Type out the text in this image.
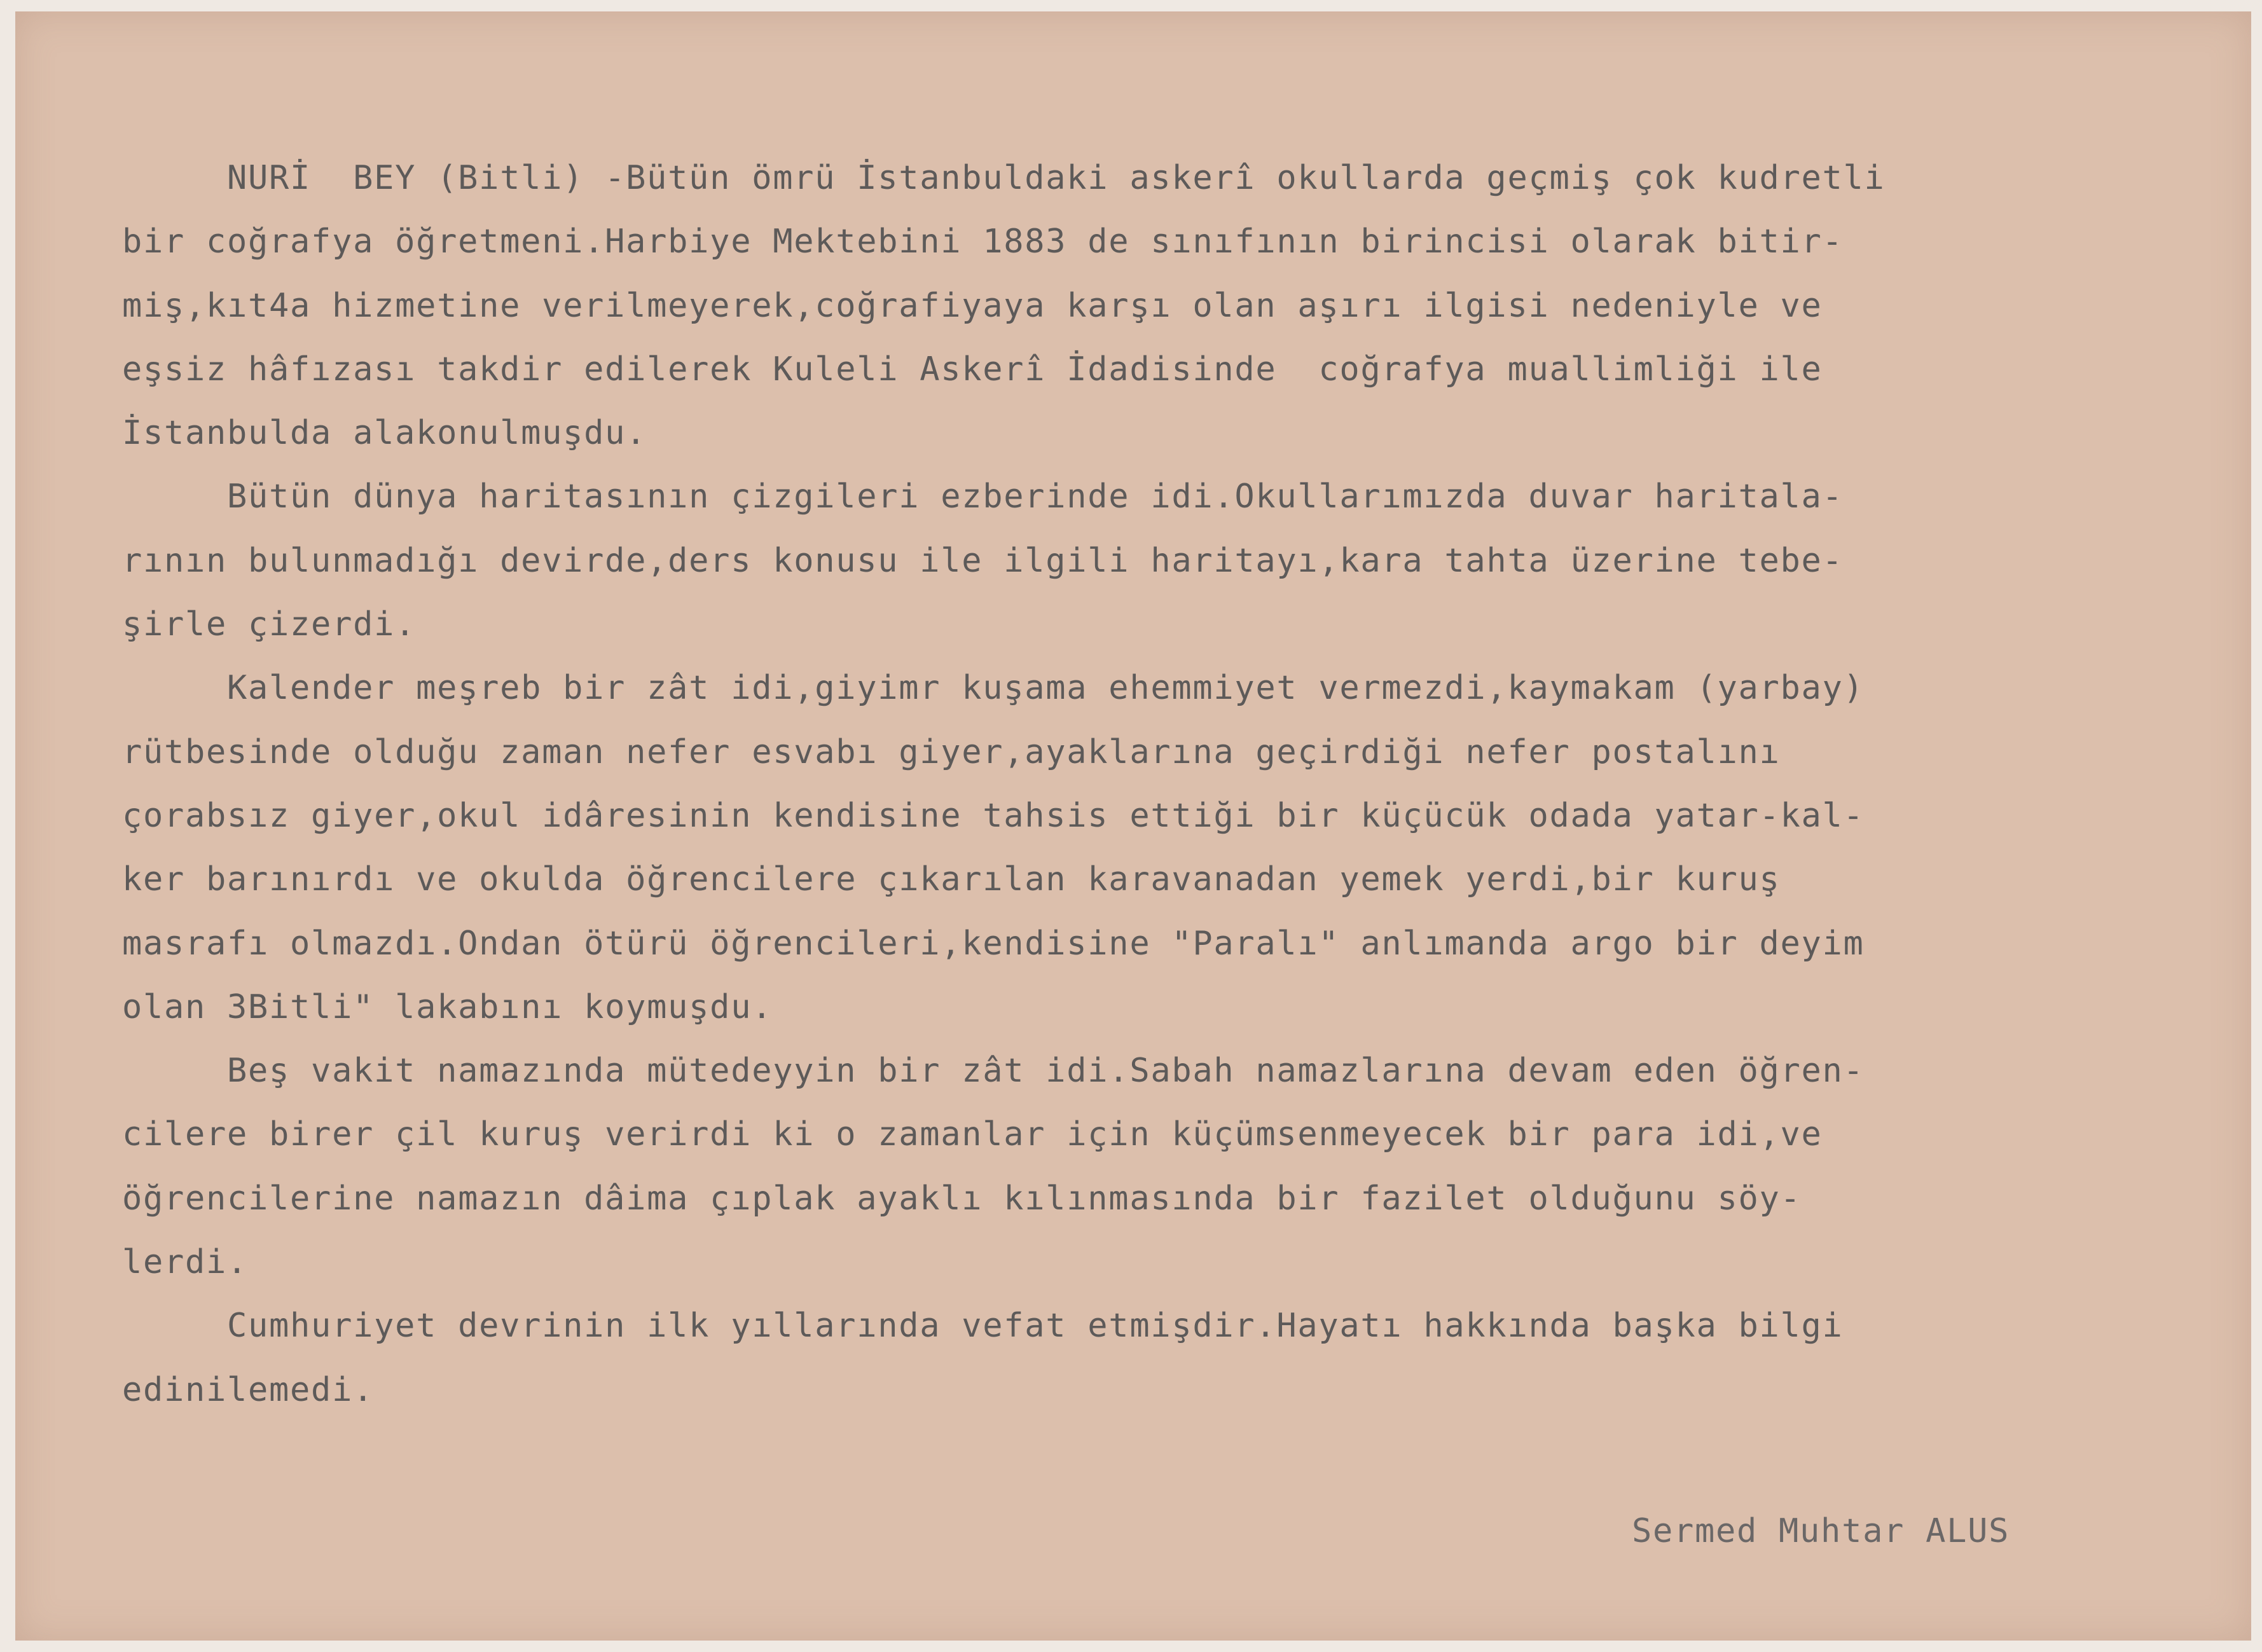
NURİ  BEY (Bitli) -Bütün ömrü İstanbuldaki askerî okullarda geçmiş çok kudretli
bir coğrafya öğretmeni.Harbiye Mektebini 1883 de sınıfının birincisi olarak bitir-
miş,kıt4a hizmetine verilmeyerek,coğrafiyaya karşı olan aşırı ilgisi nedeniyle ve
eşsiz hâfızası takdir edilerek Kuleli Askerî İdadisinde  coğrafya muallimliği ile
İstanbulda alakonulmuşdu.
Bütün dünya haritasının çizgileri ezberinde idi.Okullarımızda duvar haritala-
rının bulunmadığı devirde,ders konusu ile ilgili haritayı,kara tahta üzerine tebe-
şirle çizerdi.
Kalender meşreb bir zât idi,giyimr kuşama ehemmiyet vermezdi,kaymakam (yarbay)
rütbesinde olduğu zaman nefer esvabı giyer,ayaklarına geçirdiği nefer postalını
çorabsız giyer,okul idâresinin kendisine tahsis ettiği bir küçücük odada yatar-kal-
ker barınırdı ve okulda öğrencilere çıkarılan karavanadan yemek yerdi,bir kuruş
masrafı olmazdı.Ondan ötürü öğrencileri,kendisine "Paralı" anlımanda argo bir deyim
olan 3Bitli" lakabını koymuşdu.
Beş vakit namazında mütedeyyin bir zât idi.Sabah namazlarına devam eden öğren-
cilere birer çil kuruş verirdi ki o zamanlar için küçümsenmeyecek bir para idi,ve
öğrencilerine namazın dâima çıplak ayaklı kılınmasında bir fazilet olduğunu söy-
lerdi.
Cumhuriyet devrinin ilk yıllarında vefat etmişdir.Hayatı hakkında başka bilgi
edinilemedi.
Sermed Muhtar ALUS
